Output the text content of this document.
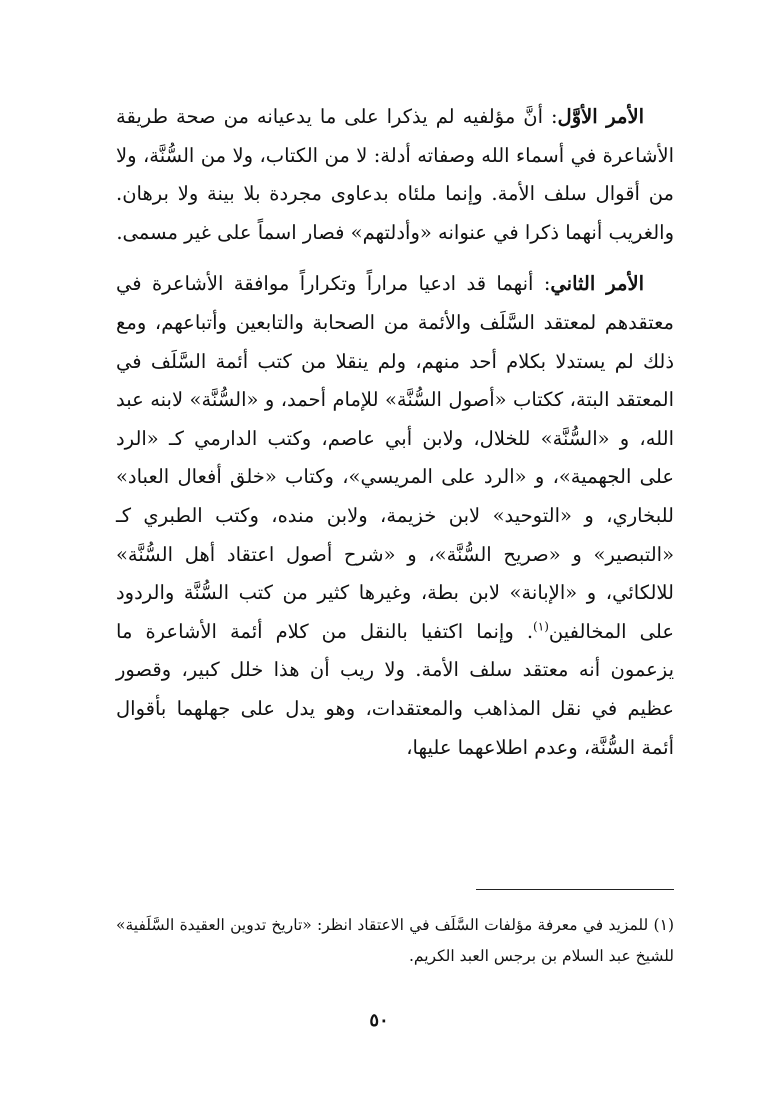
الأمر الأوَّل: أنَّ مؤلفيه لم يذكرا على ما يدعيانه من صحة طريقة الأشاعرة في أسماء الله وصفاته أدلة: لا من الكتاب، ولا من السُّنَّة، ولا من أقوال سلف الأمة. وإنما ملئاه بدعاوى مجردة بلا بينة ولا برهان. والغريب أنهما ذكرا في عنوانه «وأدلتهم» فصار اسماً على غير مسمى.

الأمر الثاني: أنهما قد ادعيا مراراً وتكراراً موافقة الأشاعرة في معتقدهم لمعتقد السَّلَف والأئمة من الصحابة والتابعين وأتباعهم، ومع ذلك لم يستدلا بكلام أحد منهم، ولم ينقلا من كتب أئمة السَّلَف في المعتقد البتة، ككتاب «أصول السُّنَّة» للإمام أحمد، و «السُّنَّة» لابنه عبد الله، و «السُّنَّة» للخلال، ولابن أبي عاصم، وكتب الدارمي كـ «الرد على الجهمية»، و «الرد على المريسي»، وكتاب «خلق أفعال العباد» للبخاري، و «التوحيد» لابن خزيمة، ولابن منده، وكتب الطبري كـ «التبصير» و «صريح السُّنَّة»، و «شرح أصول اعتقاد أهل السُّنَّة» للالكائي، و «الإبانة» لابن بطة، وغيرها كثير من كتب السُّنَّة والردود على المخالفين$^{(١)}$. وإنما اكتفيا بالنقل من كلام أئمة الأشاعرة ما يزعمون أنه معتقد سلف الأمة. ولا ريب أن هذا خلل كبير، وقصور عظيم في نقل المذاهب والمعتقدات، وهو يدل على جهلهما بأقوال أئمة السُّنَّة، وعدم اطلاعهما عليها،

(١) للمزيد في معرفة مؤلفات السَّلَف في الاعتقاد انظر: «تاريخ تدوين العقيدة السَّلَفية» للشيخ عبد السلام بن برجس العبد الكريم.
٥٠
